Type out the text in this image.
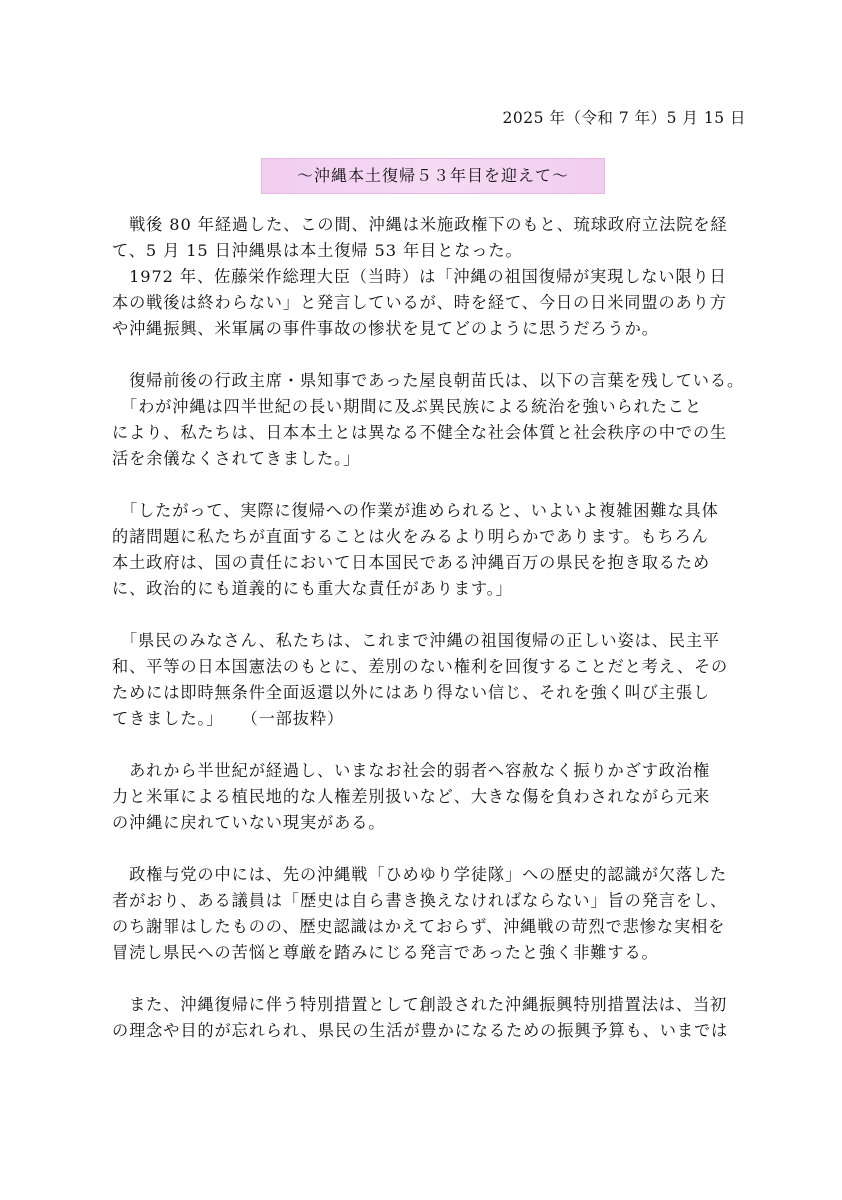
2025 年（令和 7 年）5 月 15 日
～沖縄本土復帰５３年目を迎えて～

　戦後 80 年経過した、この間、沖縄は米施政権下のもと、琉球政府立法院を経
て、5 月 15 日沖縄県は本土復帰 53 年目となった。

　1972 年、佐藤栄作総理大臣（当時）は「沖縄の祖国復帰が実現しない限り日
本の戦後は終わらない」と発言しているが、時を経て、今日の日米同盟のあり方
や沖縄振興、米軍属の事件事故の惨状を見てどのように思うだろうか。

　復帰前後の行政主席・県知事であった屋良朝苗氏は、以下の言葉を残している。

　「わが沖縄は四半世紀の長い期間に及ぶ異民族による統治を強いられたこと
により、私たちは、日本本土とは異なる不健全な社会体質と社会秩序の中での生
活を余儀なくされてきました。」

　「したがって、実際に復帰への作業が進められると、いよいよ複雑困難な具体
的諸問題に私たちが直面することは火をみるより明らかであります。もちろん
本土政府は、国の責任において日本国民である沖縄百万の県民を抱き取るため
に、政治的にも道義的にも重大な責任があります。」

　「県民のみなさん、私たちは、これまで沖縄の祖国復帰の正しい姿は、民主平
和、平等の日本国憲法のもとに、差別のない権利を回復することだと考え、その
ためには即時無条件全面返還以外にはあり得ない信じ、それを強く叫び主張し
てきました。」　　（一部抜粋）

　あれから半世紀が経過し、いまなお社会的弱者へ容赦なく振りかざす政治権
力と米軍による植民地的な人権差別扱いなど、大きな傷を負わされながら元来
の沖縄に戻れていない現実がある。

　政権与党の中には、先の沖縄戦「ひめゆり学徒隊」への歴史的認識が欠落した
者がおり、ある議員は「歴史は自ら書き換えなければならない」旨の発言をし、
のち謝罪はしたものの、歴史認識はかえておらず、沖縄戦の苛烈で悲惨な実相を
冒涜し県民への苦悩と尊厳を踏みにじる発言であったと強く非難する。

　また、沖縄復帰に伴う特別措置として創設された沖縄振興特別措置法は、当初
の理念や目的が忘れられ、県民の生活が豊かになるための振興予算も、いまでは
